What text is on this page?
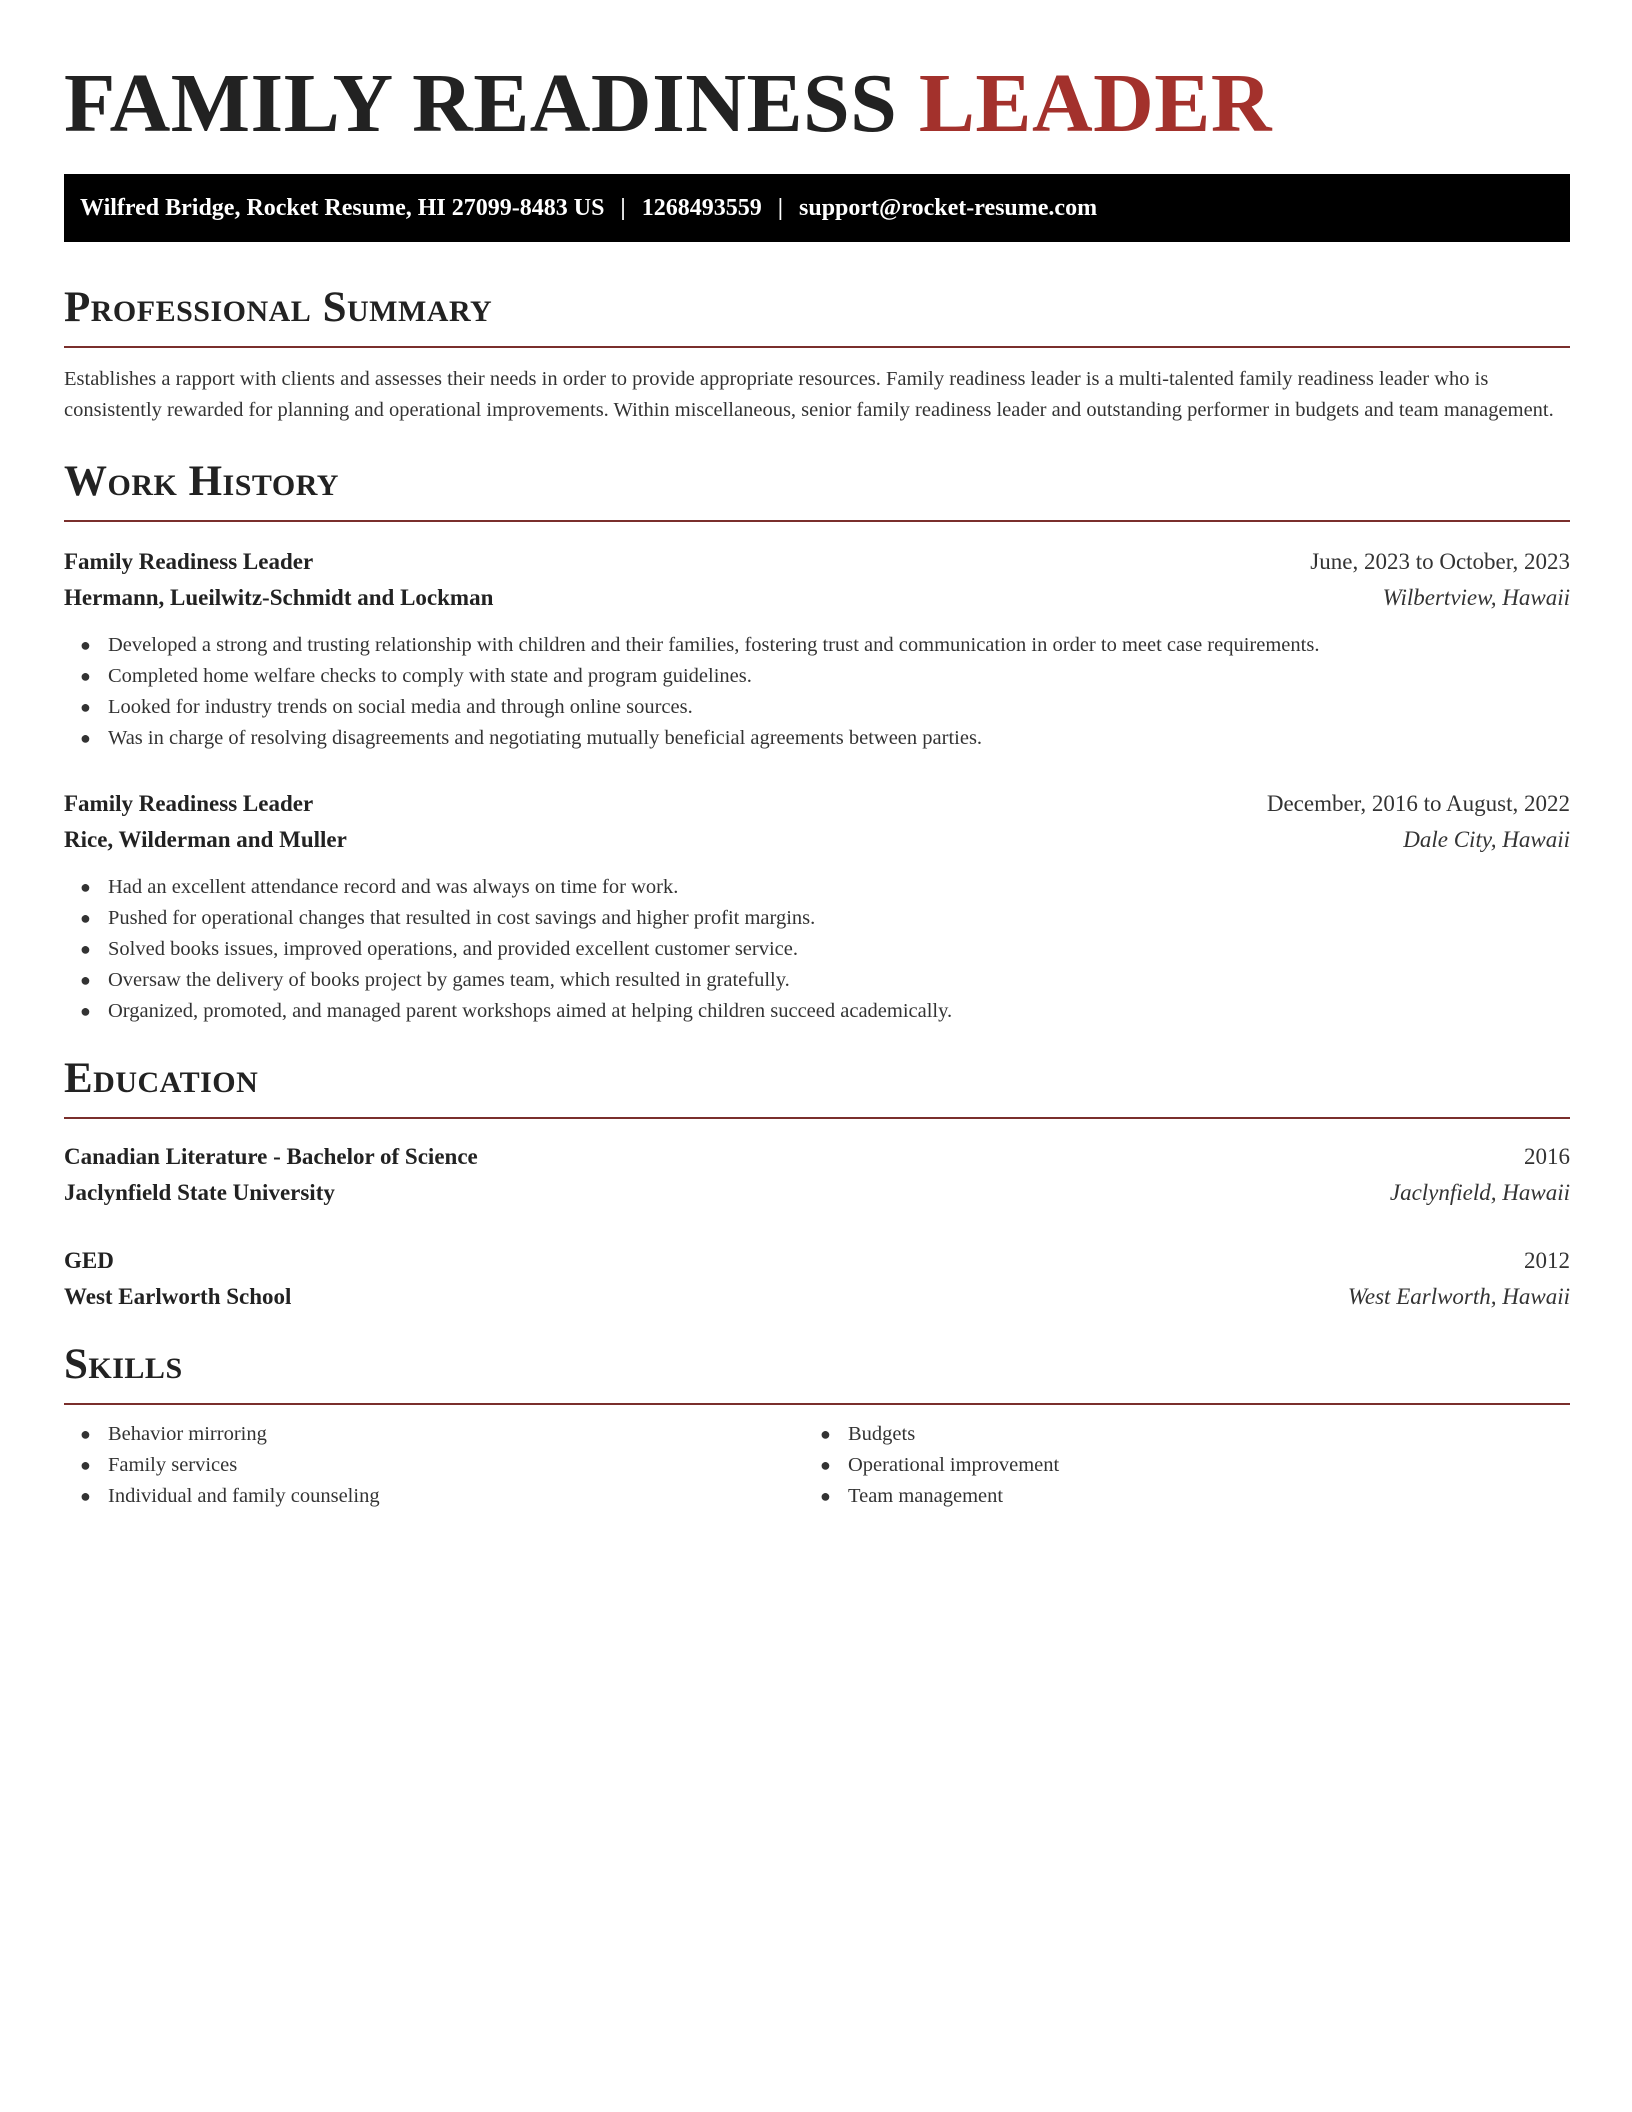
FAMILY READINESS LEADER
Wilfred Bridge, Rocket Resume, HI 27099-8483 US | 1268493559 | support@rocket-resume.com
Professional Summary

Establishes a rapport with clients and assesses their needs in order to provide appropriate resources. Family readiness leader is a multi-talented family readiness leader who is consistently rewarded for planning and operational improvements. Within miscellaneous, senior family readiness leader and outstanding performer in budgets and team management.

Work History
Family Readiness Leader	June, 2023 to October, 2023
Hermann, Lueilwitz-Schmidt and Lockman	Wilbertview, Hawaii
● Developed a strong and trusting relationship with children and their families, fostering trust and communication in order to meet case requirements.
● Completed home welfare checks to comply with state and program guidelines.
● Looked for industry trends on social media and through online sources.
● Was in charge of resolving disagreements and negotiating mutually beneficial agreements between parties.
Family Readiness Leader	December, 2016 to August, 2022
Rice, Wilderman and Muller	Dale City, Hawaii
● Had an excellent attendance record and was always on time for work.
● Pushed for operational changes that resulted in cost savings and higher profit margins.
● Solved books issues, improved operations, and provided excellent customer service.
● Oversaw the delivery of books project by games team, which resulted in gratefully.
● Organized, promoted, and managed parent workshops aimed at helping children succeed academically.
Education
Canadian Literature - Bachelor of Science	2016
Jaclynfield State University	Jaclynfield, Hawaii
GED	2012
West Earlworth School	West Earlworth, Hawaii
Skills
● Behavior mirroring
● Family services
● Individual and family counseling
● Budgets
● Operational improvement
● Team management
